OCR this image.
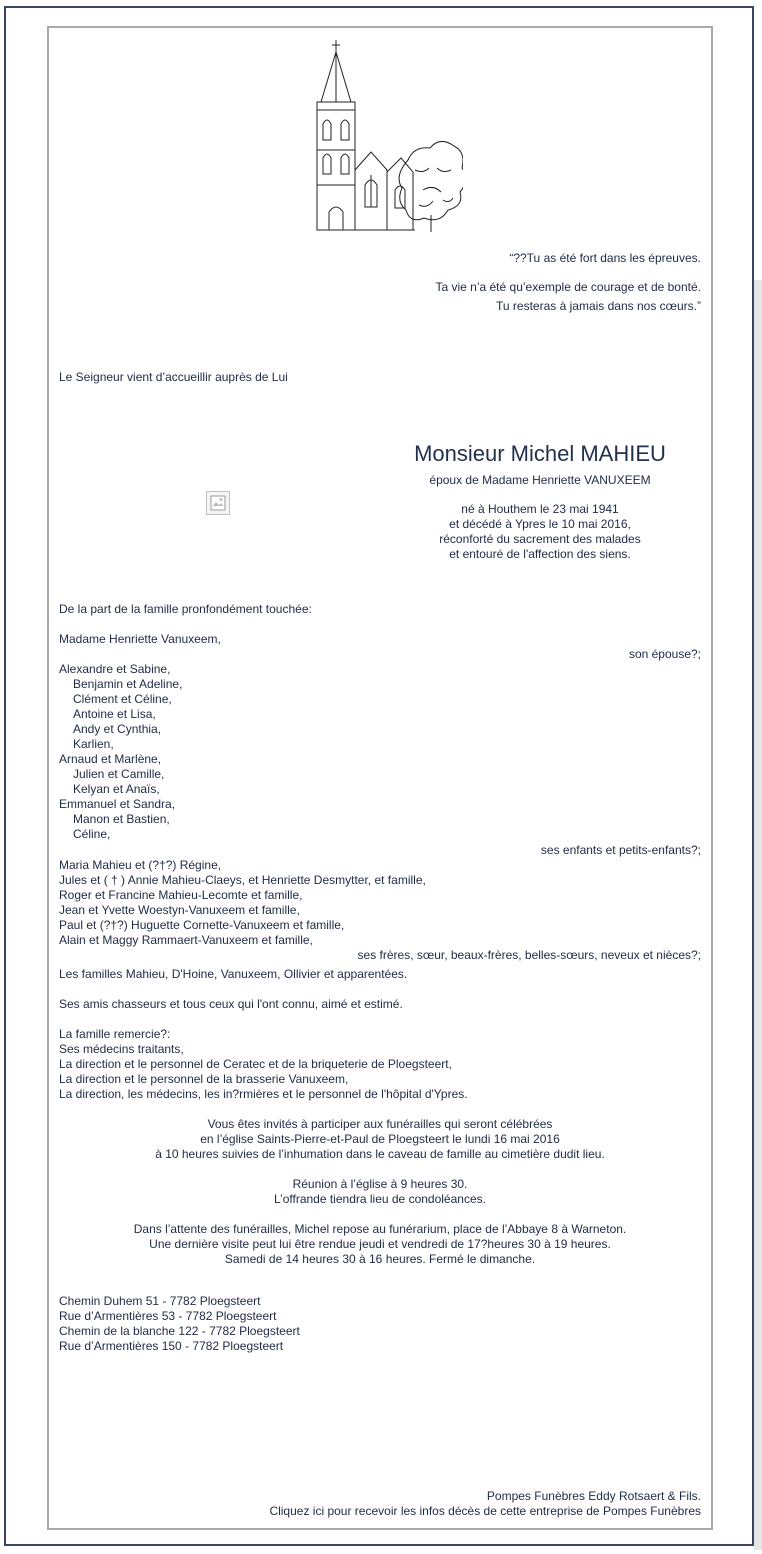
“??Tu as été fort dans les épreuves.
Ta vie n’a été qu’exemple de courage et de bonté.
Tu resteras à jamais dans nos cœurs.”
Le Seigneur vient d’accueillir auprès de Lui
Monsieur Michel MAHIEU
époux de Madame Henriette VANUXEEM
né à Houthem le 23 mai 1941
et décédé à Ypres le 10 mai 2016,
réconforté du sacrement des malades
et entouré de l'affection des siens.
De la part de la famille pronfondément touchée:
Madame Henriette Vanuxeem,
son épouse?;
Alexandre et Sabine,
Benjamin et Adeline,
Clément et Céline,
Antoine et Lisa,
Andy et Cynthia,
Karlien,
Arnaud et Marlène,
Julien et Camille,
Kelyan et Anaïs,
Emmanuel et Sandra,
Manon et Bastien,
Céline,
ses enfants et petits-enfants?;
Maria Mahieu et (?†?) Régine,
Jules et ( † ) Annie Mahieu-Claeys, et Henriette Desmytter, et famille,
Roger et Francine Mahieu-Lecomte et famille,
Jean et Yvette Woestyn-Vanuxeem et famille,
Paul et (?†?) Huguette Cornette-Vanuxeem et famille,
Alain et Maggy Rammaert-Vanuxeem et famille,
ses frères, sœur, beaux-frères, belles-sœurs, neveux et nièces?;
Les familles Mahieu, D'Hoine, Vanuxeem, Ollivier et apparentées.
Ses amis chasseurs et tous ceux qui l'ont connu, aimé et estimé.
La famille remercie?:
Ses médecins traitants,
La direction et le personnel de Ceratec et de la briqueterie de Ploegsteert,
La direction et le personnel de la brasserie Vanuxeem,
La direction, les médecins, les in?rmières et le personnel de l'hôpital d'Ypres.
Vous êtes invités à participer aux funérailles qui seront célébrées
en l’église Saints-Pierre-et-Paul de Ploegsteert le lundi 16 mai 2016
à 10 heures suivies de l’inhumation dans le caveau de famille au cimetière dudit lieu.
Réunion à l’église à 9 heures 30.
L’offrande tiendra lieu de condoléances.
Dans l’attente des funérailles, Michel repose au funérarium, place de l’Abbaye 8 à Warneton.
Une dernière visite peut lui être rendue jeudi et vendredi de 17?heures 30 à 19 heures.
Samedi de 14 heures 30 à 16 heures. Fermé le dimanche.
Chemin Duhem 51 - 7782 Ploegsteert
Rue d’Armentières 53 - 7782 Ploegsteert
Chemin de la blanche 122 - 7782 Ploegsteert
Rue d’Armentières 150 - 7782 Ploegsteert
Pompes Funèbres Eddy Rotsaert & Fils.
Cliquez ici pour recevoir les infos décès de cette entreprise de Pompes Funèbres
